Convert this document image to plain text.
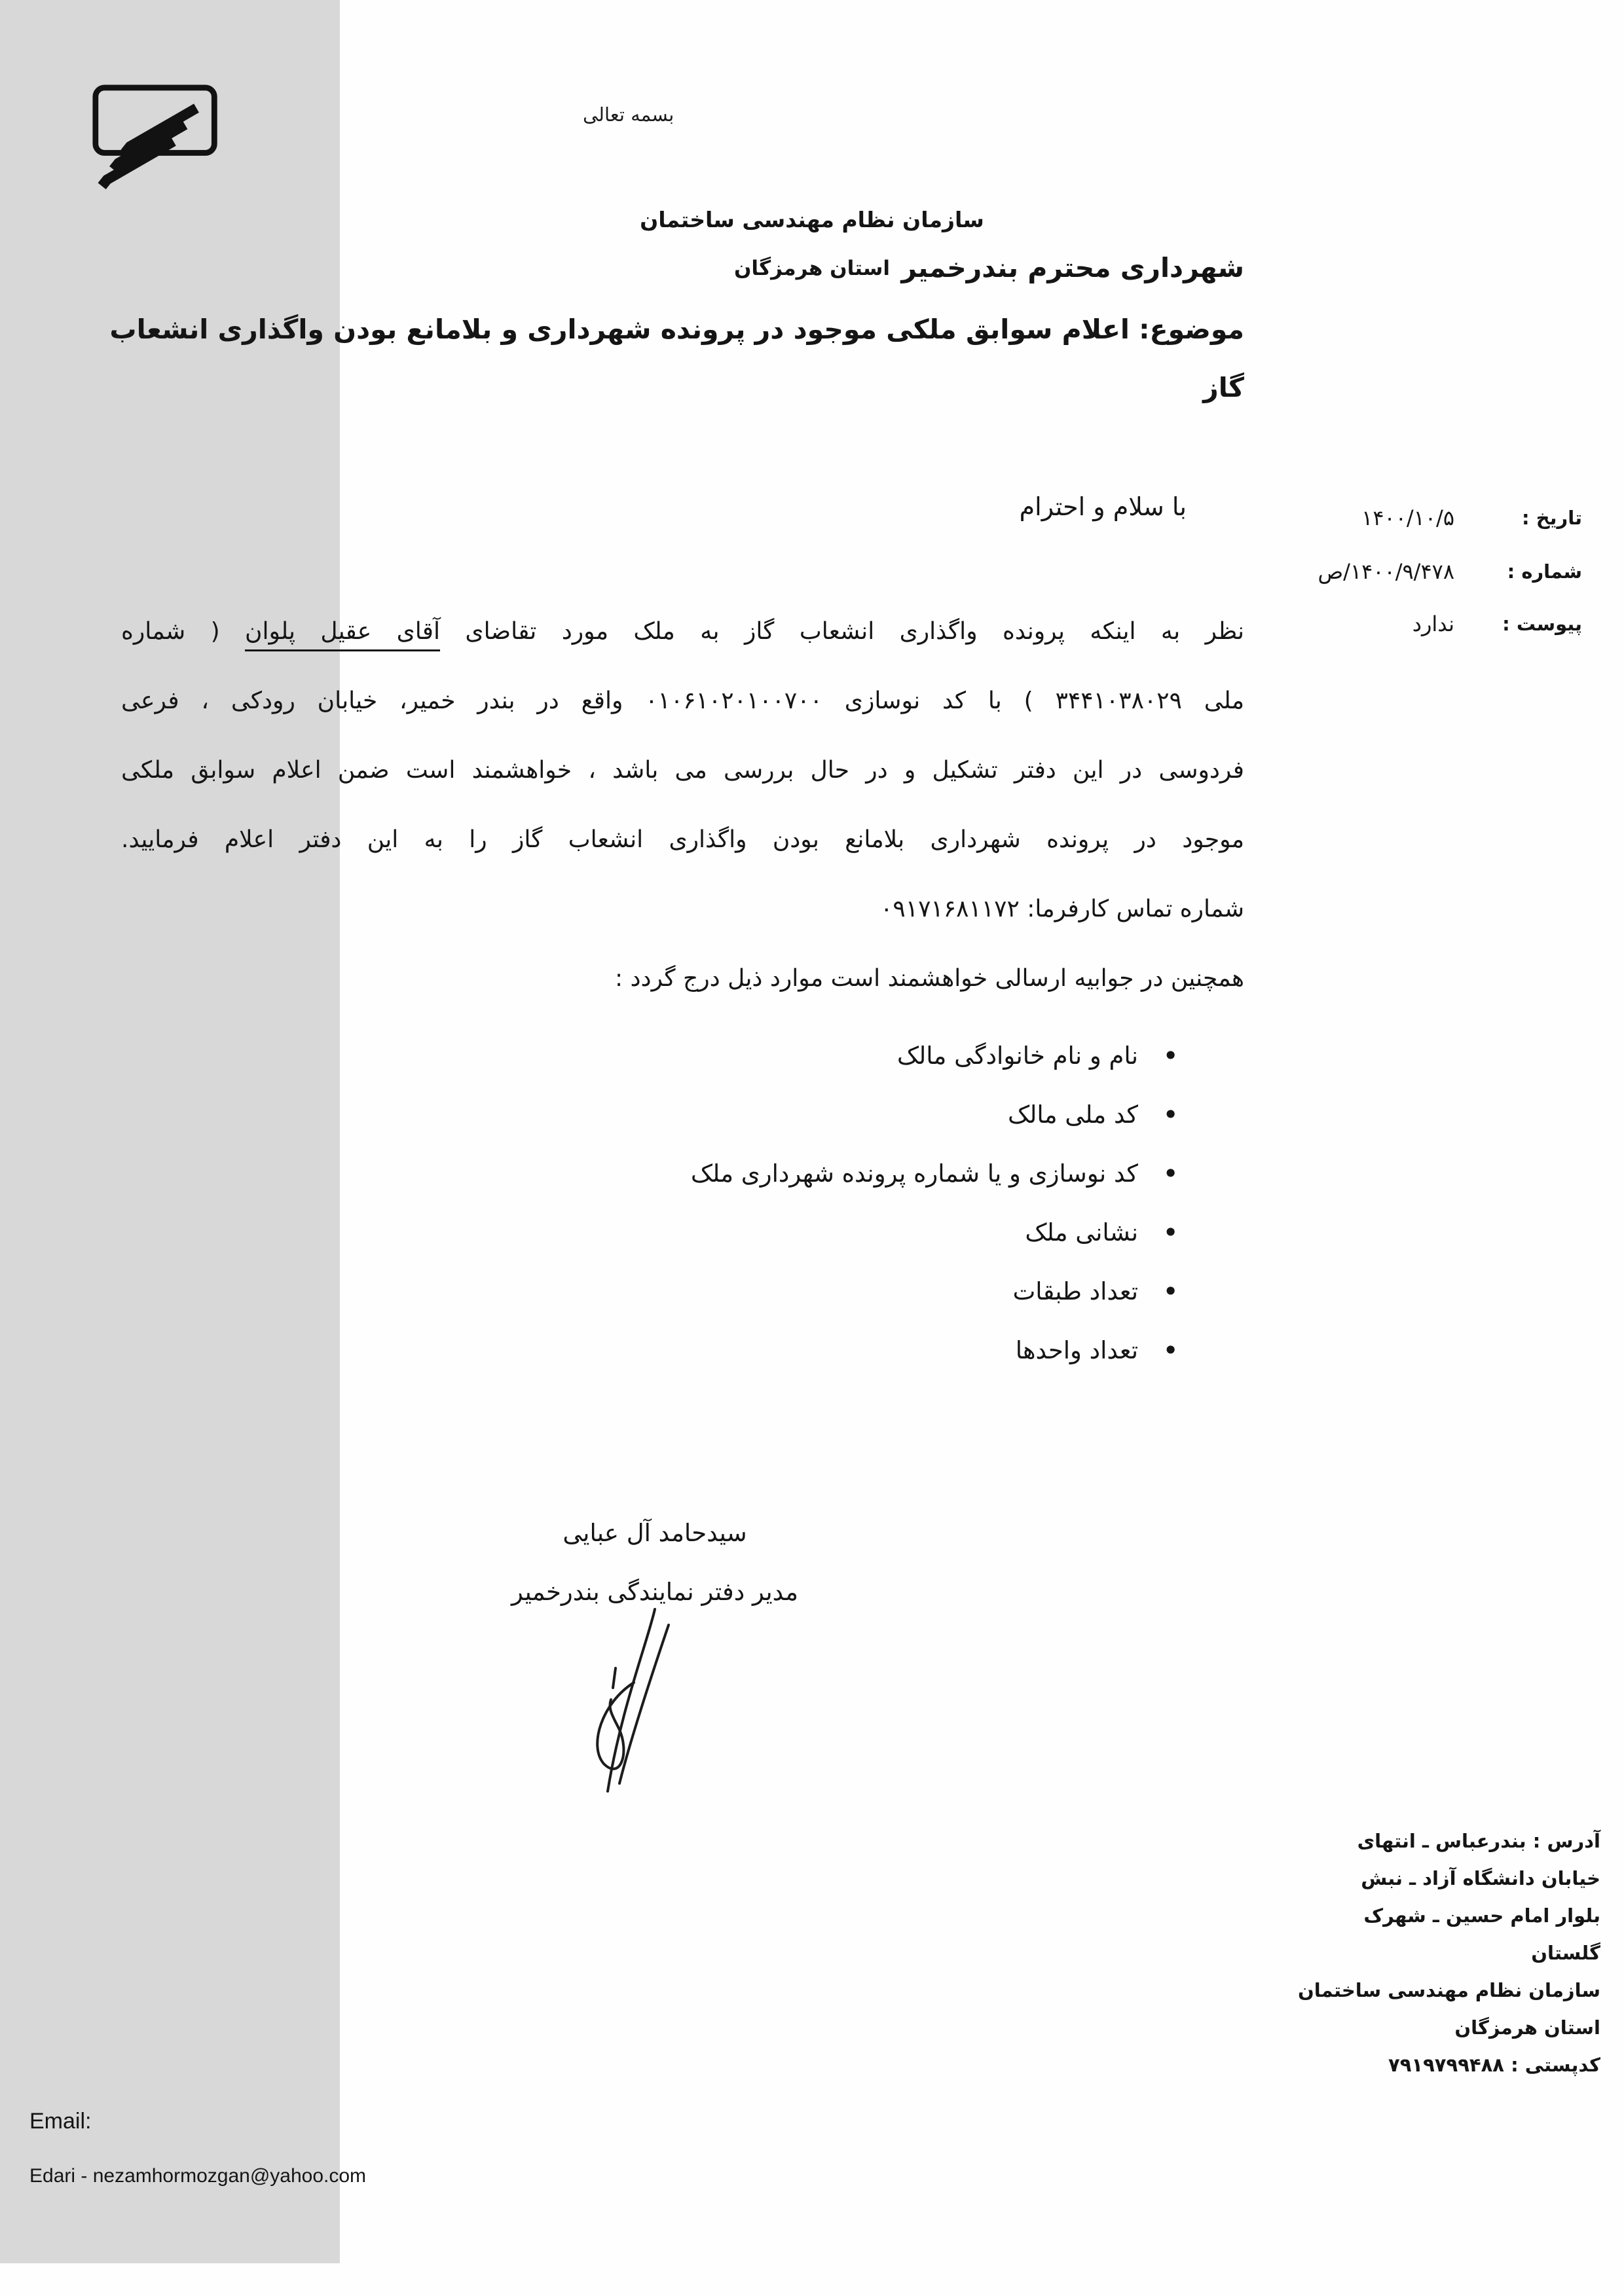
بسمه تعالی
شهرداری محترم بندرخمیر
موضوع: اعلام سوابق ملکی موجود در پرونده شهرداری و بلامانع بودن واگذاری انشعاب
گاز
با سلام و احترام
نظر به اینکه پرونده واگذاری انشعاب گاز به ملک مورد تقاضای آقای عقیل پلوان ( شماره
ملی ۳۴۴۱۰۳۸۰۲۹ ) با کد نوسازی ۰۱۰۶۱۰۲۰۱۰۰۷۰۰ واقع در بندر خمیر، خیابان رودکی ، فرعی
فردوسی در این دفتر تشکیل و در حال بررسی می باشد ، خواهشمند است ضمن اعلام سوابق ملکی
موجود در پرونده شهرداری بلامانع بودن واگذاری انشعاب گاز را به این دفتر اعلام فرمایید.
شماره تماس کارفرما: ۰۹۱۷۱۶۸۱۱۷۲
همچنین در جوابیه ارسالی خواهشمند است موارد ذیل درج گردد :
•
نام و نام خانوادگی مالک
•
کد ملی مالک
•
کد نوسازی و یا شماره پرونده شهرداری ملک
•
نشانی ملک
•
تعداد طبقات
•
تعداد واحدها
سیدحامد آل عبایی
مدیر دفتر نمایندگی بندرخمیر
سازمان نظام مهندسی ساختمان
استان هرمزگان
تاریخ :
۱۴۰۰/۱۰/۵
شماره :
۱۴۰۰/۹/۴۷۸/ص
پیوست :
ندارد
آدرس : بندرعباس ـ انتهای
خیابان دانشگاه آزاد ـ نبش
بلوار امام حسین ـ شهرک
گلستان
سازمان نظام مهندسی ساختمان
استان هرمزگان
کدپستی : ۷۹۱۹۷۹۹۴۸۸
Email:
Edari - nezamhormozgan@yahoo.com
